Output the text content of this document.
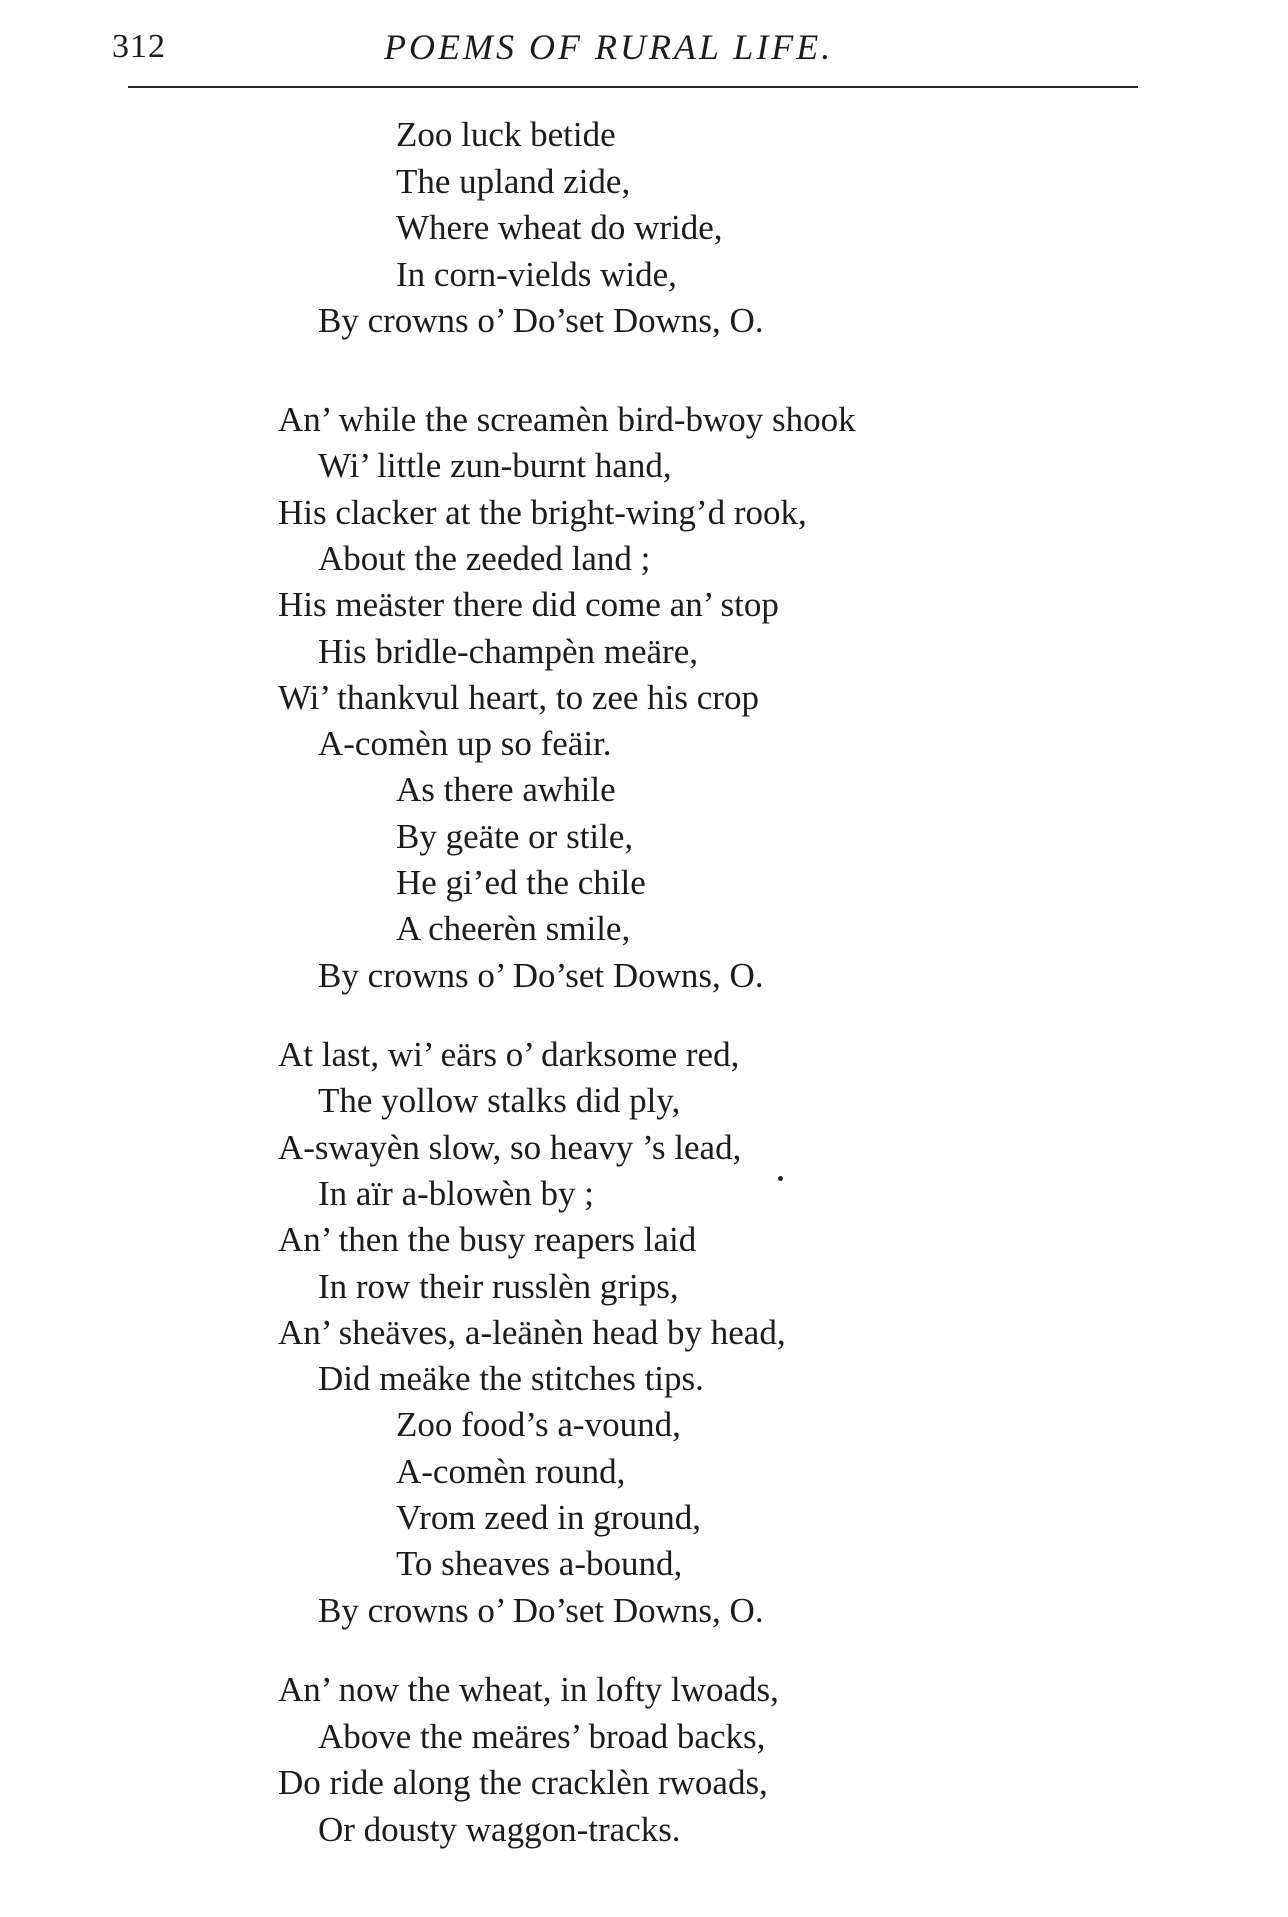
312	POEMS OF RURAL LIFE.
Zoo luck betide
The upland zide,
Where wheat do wride,
In corn-vields wide,
By crowns o’ Do’set Downs, O.
An’ while the screamèn bird-bwoy shook
Wi’ little zun-burnt hand,
His clacker at the bright-wing’d rook,
About the zeeded land ;
His meäster there did come an’ stop
His bridle-champèn meäre,
Wi’ thankvul heart, to zee his crop
A-comèn up so feäir.
As there awhile
By geäte or stile,
He gi’ed the chile
A cheerèn smile,
By crowns o’ Do’set Downs, O.
At last, wi’ eärs o’ darksome red,
The yollow stalks did ply,
A-swayèn slow, so heavy ’s lead,
In aïr a-blowèn by ;
An’ then the busy reapers laid
In row their russlèn grips,
An’ sheäves, a-leänèn head by head,
Did meäke the stitches tips.
Zoo food’s a-vound,
A-comèn round,
Vrom zeed in ground,
To sheaves a-bound,
By crowns o’ Do’set Downs, O.
An’ now the wheat, in lofty lwoads,
Above the meäres’ broad backs,
Do ride along the cracklèn rwoads,
Or dousty waggon-tracks.
